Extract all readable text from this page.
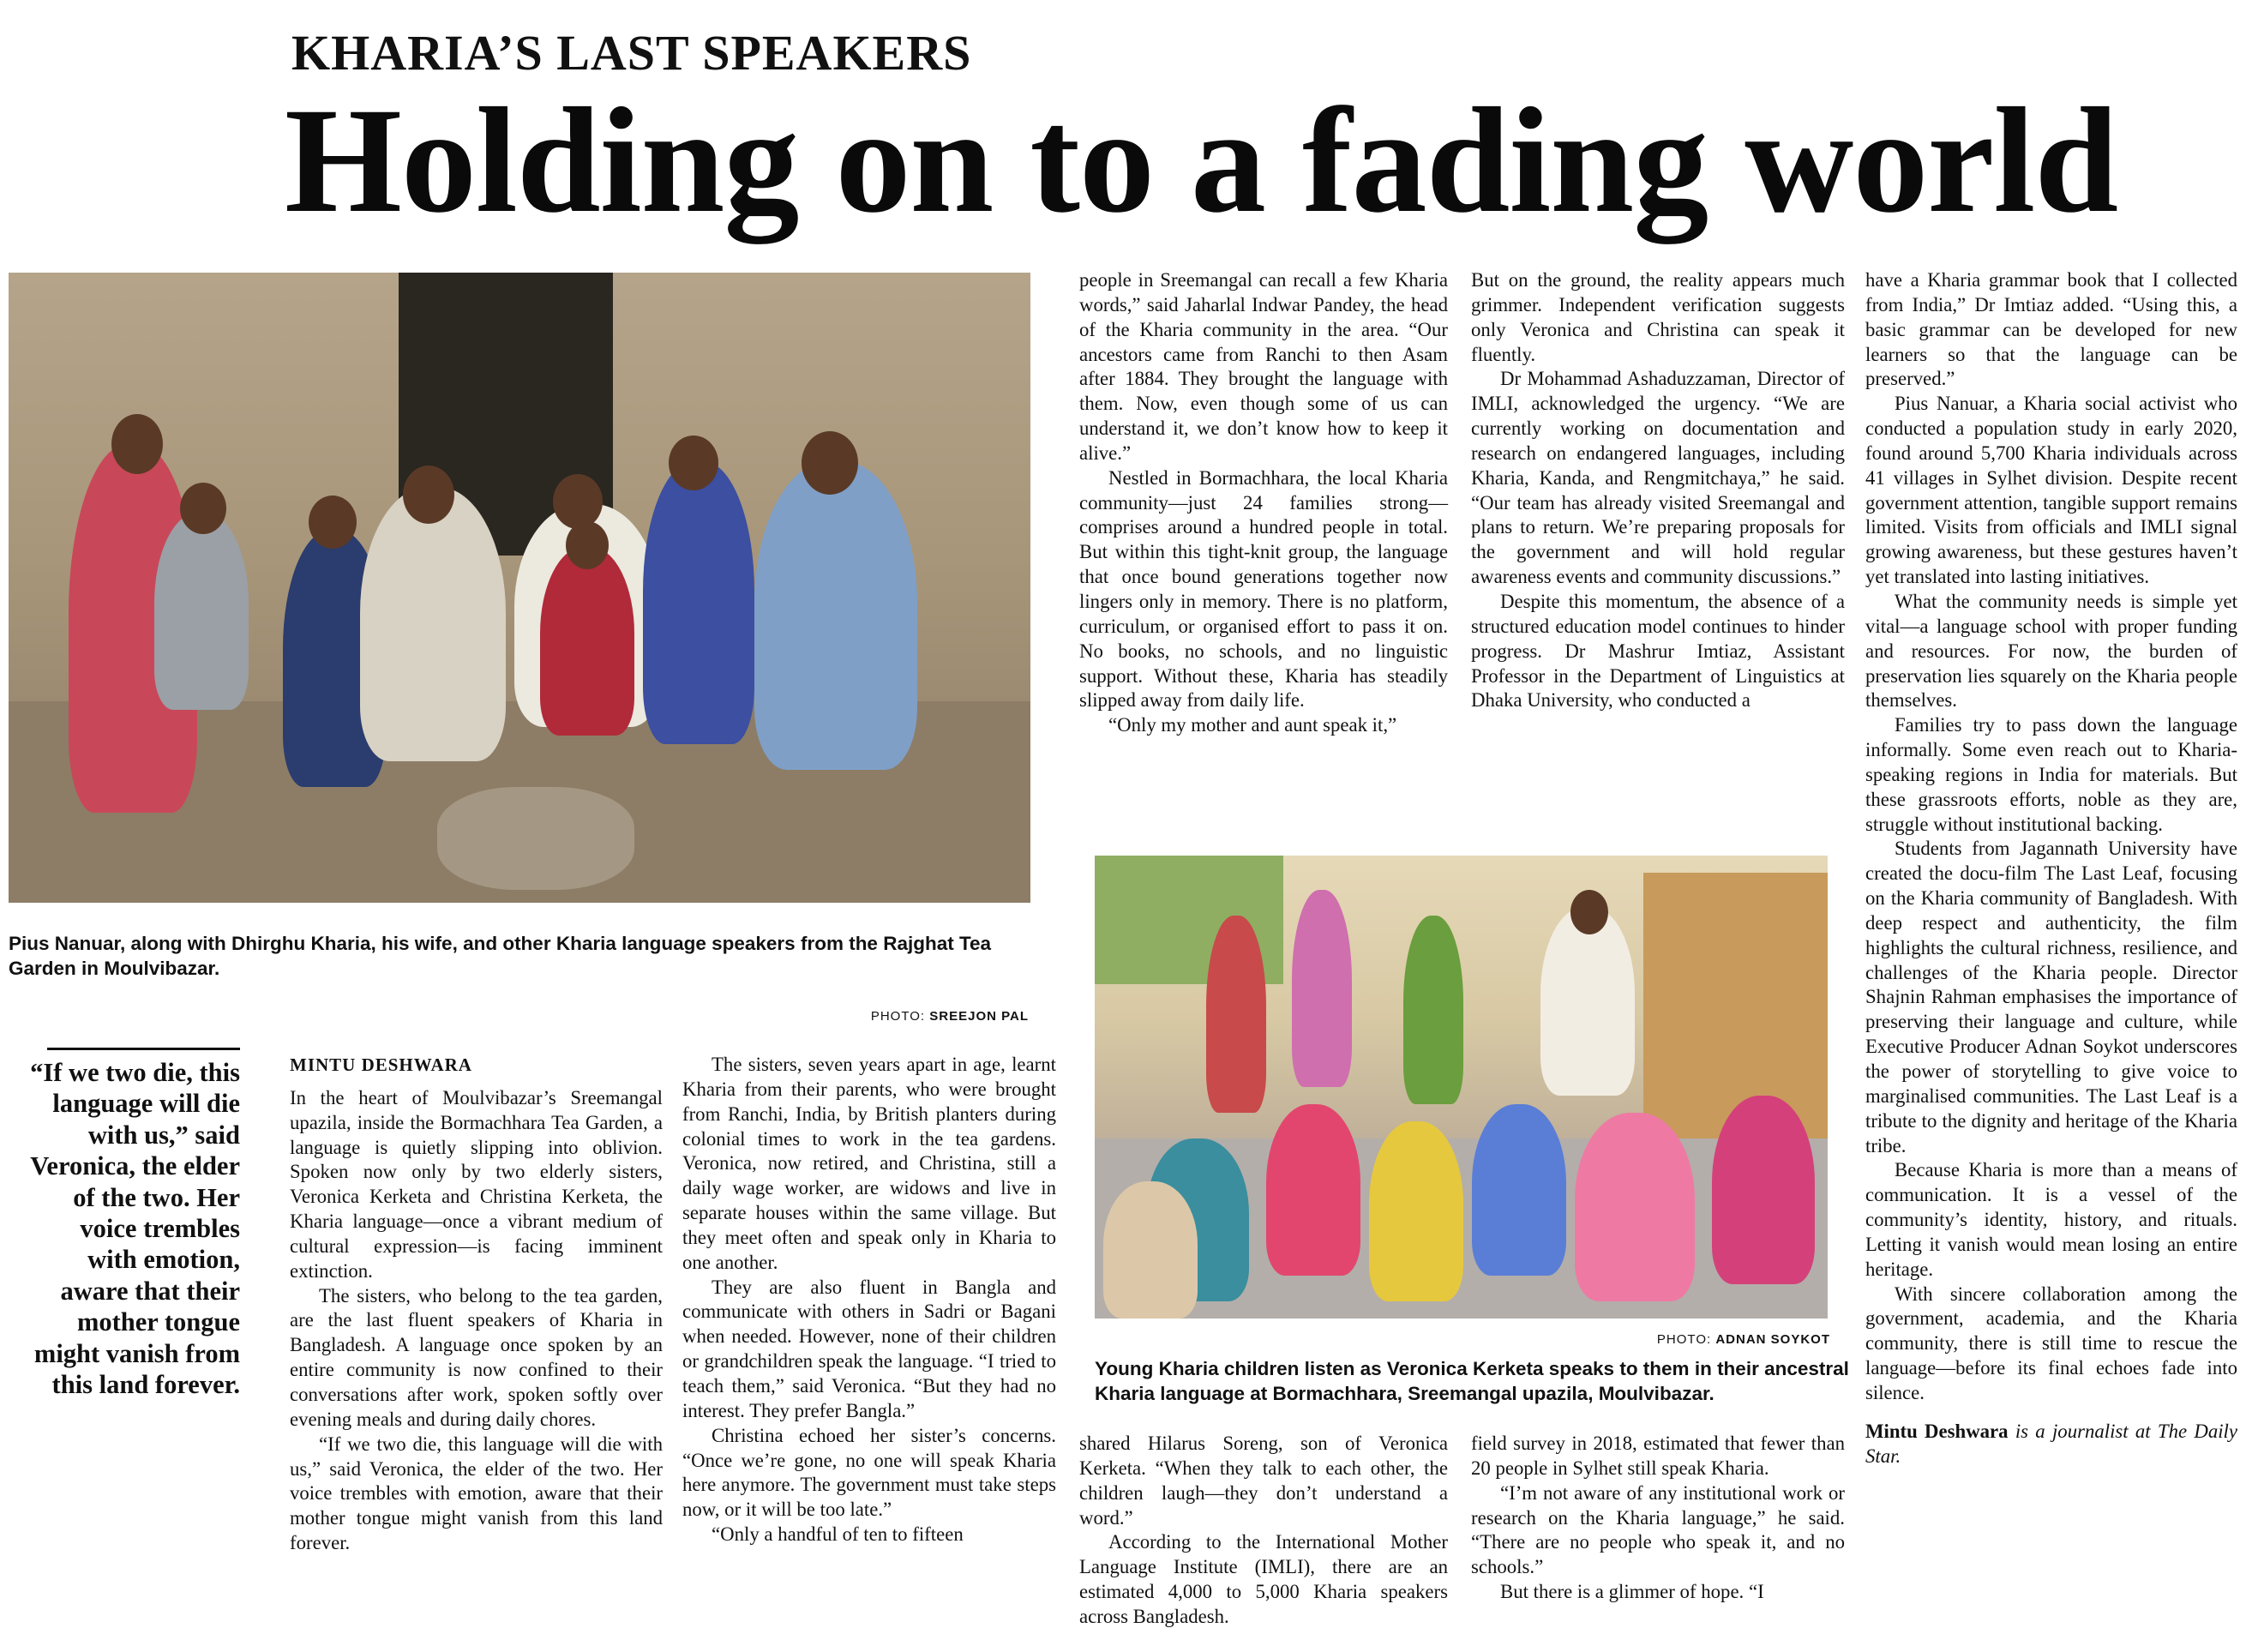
KHARIA’S LAST SPEAKERS
Holding on to a fading world
Pius Nanuar, along with Dhirghu Kharia, his wife, and other Kharia language speakers from the Rajghat Tea Garden in Moulvibazar.
PHOTO: SREEJON PAL
“If we two die, this language will die with us,” said Veronica, the elder of the two. Her voice trembles with emotion, aware that their mother tongue might vanish from this land forever.
MINTU DESHWARA

In the heart of Moulvibazar’s Sreemangal upazila, inside the Bormachhara Tea Garden, a language is quietly slipping into oblivion. Spoken now only by two elderly sisters, Veronica Kerketa and Christina Kerketa, the Kharia language—once a vibrant medium of cultural expression—is facing imminent extinction.

The sisters, who belong to the tea garden, are the last fluent speakers of Kharia in Bangladesh. A language once spoken by an entire community is now confined to their conversations after work, spoken softly over evening meals and during daily chores.

“If we two die, this language will die with us,” said Veronica, the elder of the two. Her voice trembles with emotion, aware that their mother tongue might vanish from this land forever.

The sisters, seven years apart in age, learnt Kharia from their parents, who were brought from Ranchi, India, by British planters during colonial times to work in the tea gardens. Veronica, now retired, and Christina, still a daily wage worker, are widows and live in separate houses within the same village. But they meet often and speak only in Kharia to one another.

They are also fluent in Bangla and communicate with others in Sadri or Bagani when needed. However, none of their children or grandchildren speak the language. “I tried to teach them,” said Veronica. “But they had no interest. They prefer Bangla.”

Christina echoed her sister’s concerns. “Once we’re gone, no one will speak Kharia here anymore. The government must take steps now, or it will be too late.”

“Only a handful of ten to fifteen

people in Sreemangal can recall a few Kharia words,” said Jaharlal Indwar Pandey, the head of the Kharia community in the area. “Our ancestors came from Ranchi to then Asam after 1884. They brought the language with them. Now, even though some of us can understand it, we don’t know how to keep it alive.”

Nestled in Bormachhara, the local Kharia community—just 24 families strong—comprises around a hundred people in total. But within this tight-knit group, the language that once bound generations together now lingers only in memory. There is no platform, curriculum, or organised effort to pass it on. No books, no schools, and no linguistic support. Without these, Kharia has steadily slipped away from daily life.

“Only my mother and aunt speak it,”

But on the ground, the reality appears much grimmer. Independent verification suggests only Veronica and Christina can speak it fluently.

Dr Mohammad Ashaduzzaman, Director of IMLI, acknowledged the urgency. “We are currently working on documentation and research on endangered languages, including Kharia, Kanda, and Rengmitchaya,” he said. “Our team has already visited Sreemangal and plans to return. We’re preparing proposals for the government and will hold regular awareness events and community discussions.”

Despite this momentum, the absence of a structured education model continues to hinder progress. Dr Mashrur Imtiaz, Assistant Professor in the Department of Linguistics at Dhaka University, who conducted a

PHOTO: ADNAN SOYKOT
Young Kharia children listen as Veronica Kerketa speaks to them in their ancestral Kharia language at Bormachhara, Sreemangal upazila, Moulvibazar.

shared Hilarus Soreng, son of Veronica Kerketa. “When they talk to each other, the children laugh—they don’t understand a word.”

According to the International Mother Language Institute (IMLI), there are an estimated 4,000 to 5,000 Kharia speakers across Bangladesh.

field survey in 2018, estimated that fewer than 20 people in Sylhet still speak Kharia.

“I’m not aware of any institutional work or research on the Kharia language,” he said. “There are no people who speak it, and no schools.”

But there is a glimmer of hope. “I

have a Kharia grammar book that I collected from India,” Dr Imtiaz added. “Using this, a basic grammar can be developed for new learners so that the language can be preserved.”

Pius Nanuar, a Kharia social activist who conducted a population study in early 2020, found around 5,700 Kharia individuals across 41 villages in Sylhet division. Despite recent government attention, tangible support remains limited. Visits from officials and IMLI signal growing awareness, but these gestures haven’t yet translated into lasting initiatives.

What the community needs is simple yet vital—a language school with proper funding and resources. For now, the burden of preservation lies squarely on the Kharia people themselves.

Families try to pass down the language informally. Some even reach out to Kharia-speaking regions in India for materials. But these grassroots efforts, noble as they are, struggle without institutional backing.

Students from Jagannath University have created the docu-film The Last Leaf, focusing on the Kharia community of Bangladesh. With deep respect and authenticity, the film highlights the cultural richness, resilience, and challenges of the Kharia people. Director Shajnin Rahman emphasises the importance of preserving their language and culture, while Executive Producer Adnan Soykot underscores the power of storytelling to give voice to marginalised communities. The Last Leaf is a tribute to the dignity and heritage of the Kharia tribe.

Because Kharia is more than a means of communication. It is a vessel of the community’s identity, history, and rituals. Letting it vanish would mean losing an entire heritage.

With sincere collaboration among the government, academia, and the Kharia community, there is still time to rescue the language—before its final echoes fade into silence.

Mintu Deshwara is a journalist at The Daily Star.
